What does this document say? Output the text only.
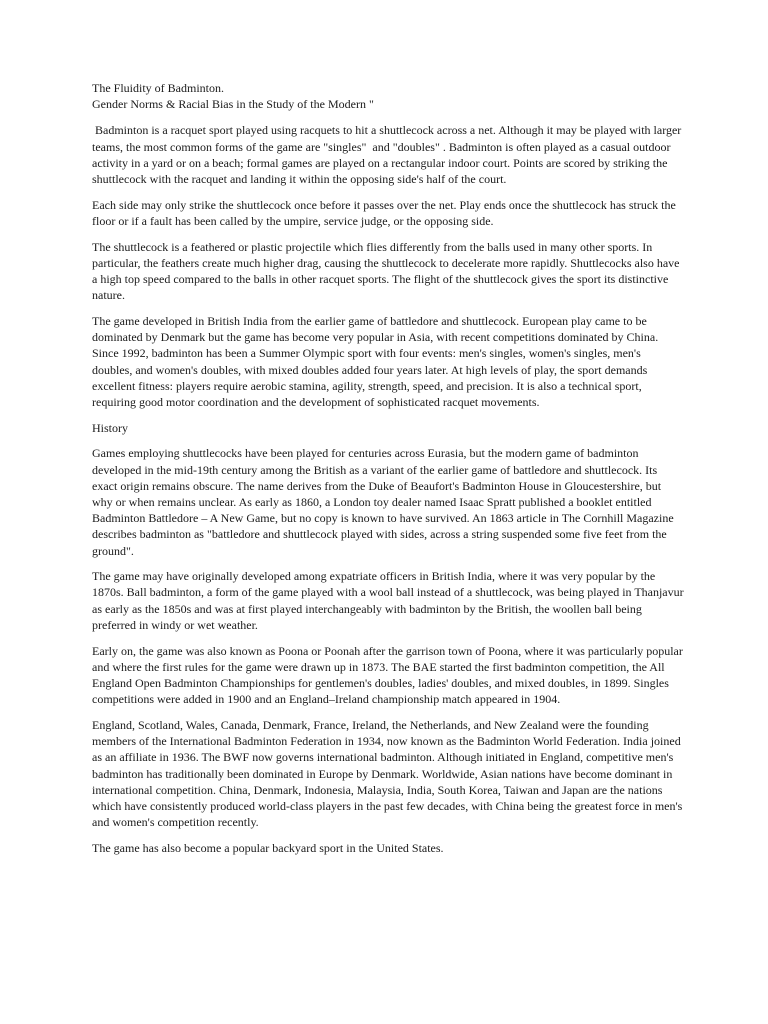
The Fluidity of Badminton.

Gender Norms & Racial Bias in the Study of the Modern "

Badminton is a racquet sport played using racquets to hit a shuttlecock across a net. Although it may be played with larger teams, the most common forms of the game are "singles"  and "doubles" . Badminton is often played as a casual outdoor activity in a yard or on a beach; formal games are played on a rectangular indoor court. Points are scored by striking the shuttlecock with the racquet and landing it within the opposing side's half of the court.

Each side may only strike the shuttlecock once before it passes over the net. Play ends once the shuttlecock has struck the floor or if a fault has been called by the umpire, service judge, or the opposing side.

The shuttlecock is a feathered or plastic projectile which flies differently from the balls used in many other sports. In particular, the feathers create much higher drag, causing the shuttlecock to decelerate more rapidly. Shuttlecocks also have a high top speed compared to the balls in other racquet sports. The flight of the shuttlecock gives the sport its distinctive nature.

The game developed in British India from the earlier game of battledore and shuttlecock. European play came to be dominated by Denmark but the game has become very popular in Asia, with recent competitions dominated by China. Since 1992, badminton has been a Summer Olympic sport with four events: men's singles, women's singles, men's doubles, and women's doubles, with mixed doubles added four years later. At high levels of play, the sport demands excellent fitness: players require aerobic stamina, agility, strength, speed, and precision. It is also a technical sport, requiring good motor coordination and the development of sophisticated racquet movements.

History

Games employing shuttlecocks have been played for centuries across Eurasia, but the modern game of badminton developed in the mid-19th century among the British as a variant of the earlier game of battledore and shuttlecock. Its exact origin remains obscure. The name derives from the Duke of Beaufort's Badminton House in Gloucestershire, but why or when remains unclear. As early as 1860, a London toy dealer named Isaac Spratt published a booklet entitled Badminton Battledore – A New Game, but no copy is known to have survived. An 1863 article in The Cornhill Magazine describes badminton as "battledore and shuttlecock played with sides, across a string suspended some five feet from the ground".

The game may have originally developed among expatriate officers in British India, where it was very popular by the 1870s. Ball badminton, a form of the game played with a wool ball instead of a shuttlecock, was being played in Thanjavur as early as the 1850s and was at first played interchangeably with badminton by the British, the woollen ball being preferred in windy or wet weather.

Early on, the game was also known as Poona or Poonah after the garrison town of Poona, where it was particularly popular and where the first rules for the game were drawn up in 1873. The BAE started the first badminton competition, the All England Open Badminton Championships for gentlemen's doubles, ladies' doubles, and mixed doubles, in 1899. Singles competitions were added in 1900 and an England–Ireland championship match appeared in 1904.

England, Scotland, Wales, Canada, Denmark, France, Ireland, the Netherlands, and New Zealand were the founding members of the International Badminton Federation in 1934, now known as the Badminton World Federation. India joined as an affiliate in 1936. The BWF now governs international badminton. Although initiated in England, competitive men's badminton has traditionally been dominated in Europe by Denmark. Worldwide, Asian nations have become dominant in international competition. China, Denmark, Indonesia, Malaysia, India, South Korea, Taiwan and Japan are the nations which have consistently produced world-class players in the past few decades, with China being the greatest force in men's and women's competition recently.

The game has also become a popular backyard sport in the United States.
